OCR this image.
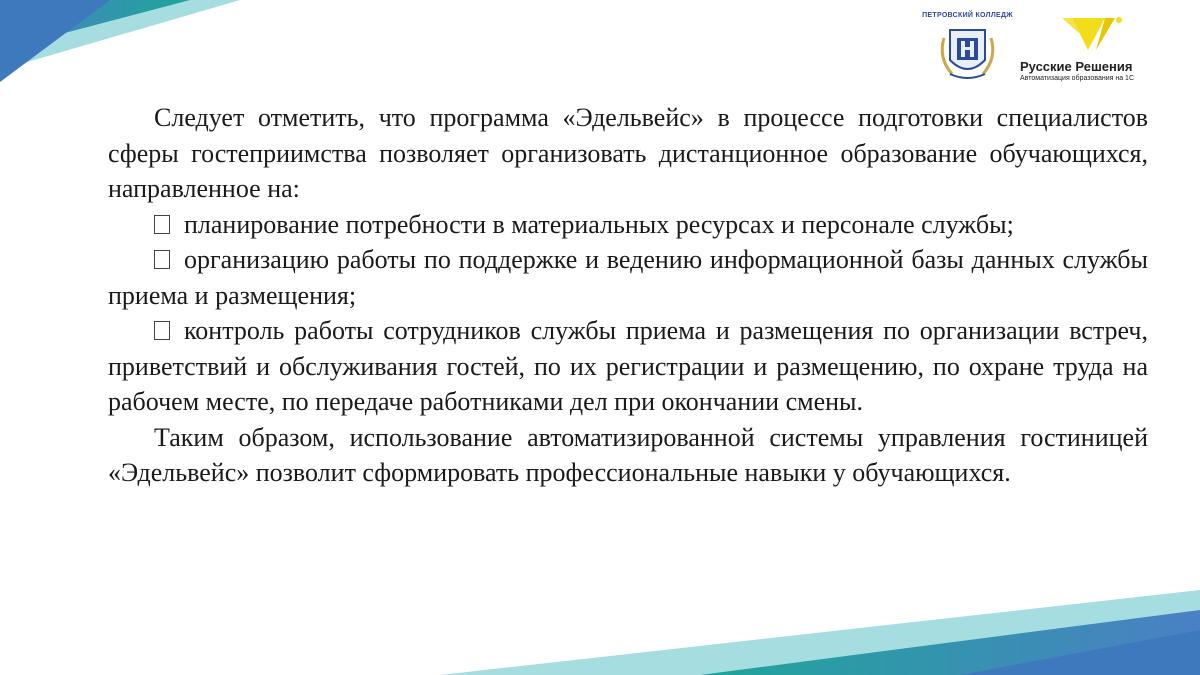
ПЕТРОВСКИЙ КОЛЛЕДЖ
Русские Решения
Автоматизация образования на 1С

Следует отметить, что программа «Эдельвейс» в процессе подготовки специалистов сферы гостеприимства позволяет организовать дистанционное образование обучающихся, направленное на:

планирование потребности в материальных ресурсах и персонале службы;

организацию работы по поддержке и ведению информационной базы данных службы приема и размещения;

контроль работы сотрудников службы приема и размещения по организации встреч, приветствий и обслуживания гостей, по их регистрации и размещению, по охране труда на рабочем месте, по передаче работниками дел при окончании смены.

Таким образом, использование автоматизированной системы управления гостиницей «Эдельвейс» позволит сформировать профессиональные навыки у обучающихся.
